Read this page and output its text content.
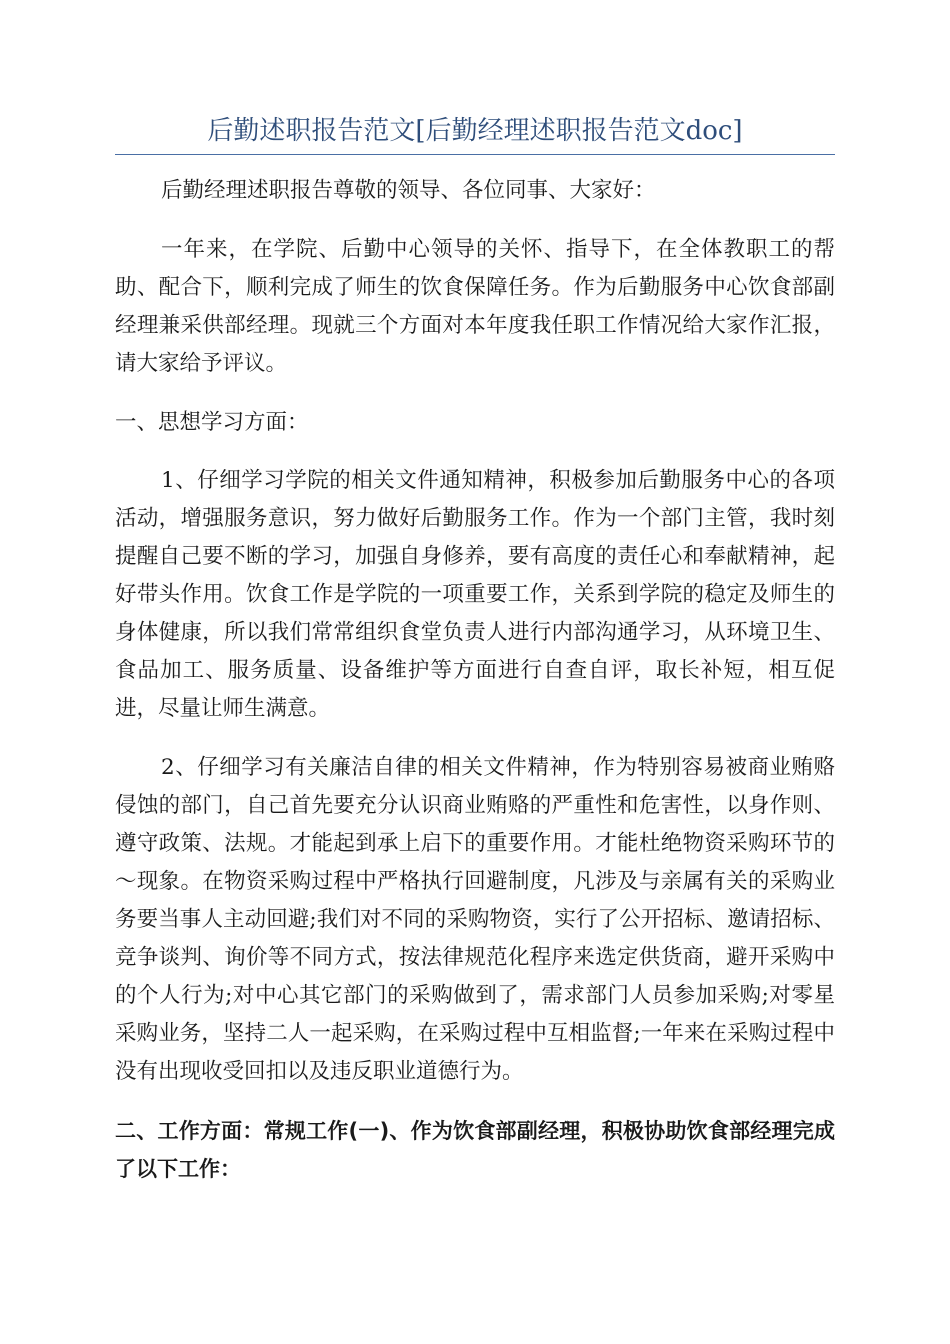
后勤述职报告范文[后勤经理述职报告范文doc]

后勤经理述职报告尊敬的领导、各位同事、大家好：

一年来，在学院、后勤中心领导的关怀、指导下，在全体教职工的帮助、配合下，顺利完成了师生的饮食保障任务。作为后勤服务中心饮食部副经理兼采供部经理。现就三个方面对本年度我任职工作情况给大家作汇报，请大家给予评议。

一、思想学习方面：

1、仔细学习学院的相关文件通知精神，积极参加后勤服务中心的各项活动，增强服务意识，努力做好后勤服务工作。作为一个部门主管，我时刻提醒自己要不断的学习，加强自身修养，要有高度的责任心和奉献精神，起好带头作用。饮食工作是学院的一项重要工作，关系到学院的稳定及师生的身体健康，所以我们常常组织食堂负责人进行内部沟通学习，从环境卫生、食品加工、服务质量、设备维护等方面进行自查自评，取长补短，相互促进，尽量让师生满意。

2、仔细学习有关廉洁自律的相关文件精神，作为特别容易被商业贿赂侵蚀的部门，自己首先要充分认识商业贿赂的严重性和危害性，以身作则、遵守政策、法规。才能起到承上启下的重要作用。才能杜绝物资采购环节的～现象。在物资采购过程中严格执行回避制度，凡涉及与亲属有关的采购业务要当事人主动回避;我们对不同的采购物资，实行了公开招标、邀请招标、竞争谈判、询价等不同方式，按法律规范化程序来选定供货商，避开采购中的个人行为;对中心其它部门的采购做到了，需求部门人员参加采购;对零星采购业务，坚持二人一起采购，在采购过程中互相监督;一年来在采购过程中没有出现收受回扣以及违反职业道德行为。

二、工作方面：常规工作(一)、作为饮食部副经理，积极协助饮食部经理完成了以下工作：
